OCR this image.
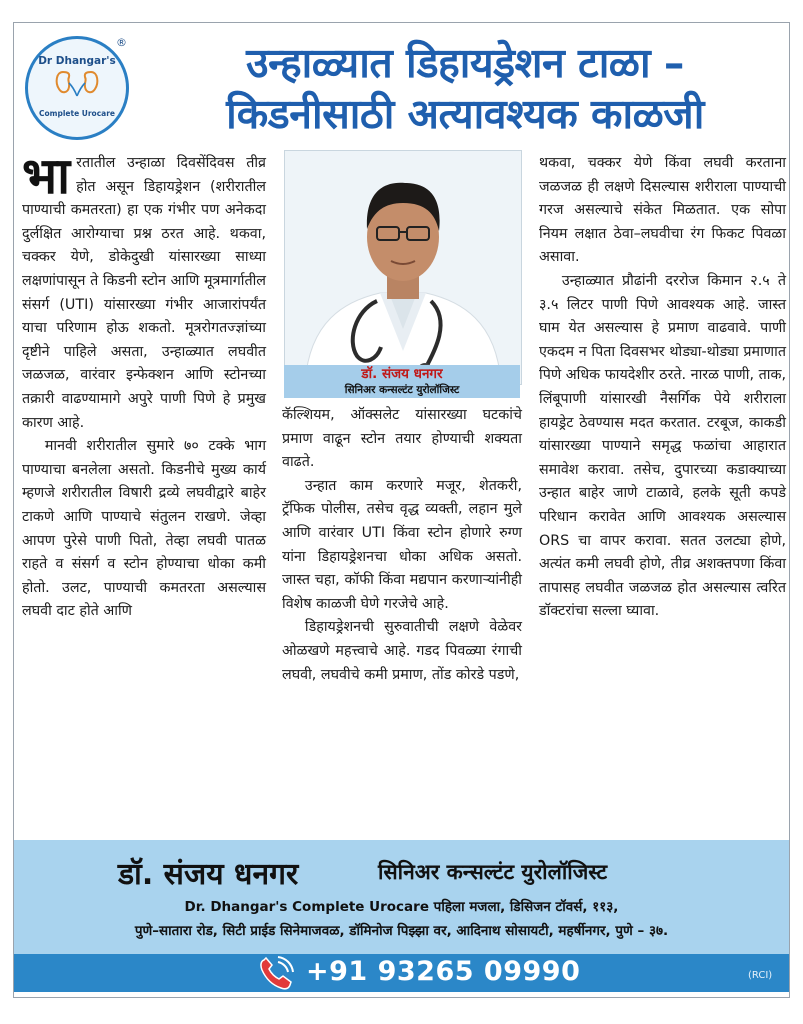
Dr Dhangar's
Complete Urocare
®	उन्हाळ्यात डिहायड्रेशन टाळा –
किडनीसाठी अत्यावश्यक काळजी

भारतातील उन्हाळा दिवसेंदिवस तीव्र होत असून डिहायड्रेशन (शरीरातील पाण्याची कमतरता) हा एक गंभीर पण अनेकदा दुर्लक्षित आरोग्याचा प्रश्न ठरत आहे. थकवा, चक्कर येणे, डोकेदुखी यांसारख्या साध्या लक्षणांपासून ते किडनी स्टोन आणि मूत्रमार्गातील संसर्ग (UTI) यांसारख्या गंभीर आजारांपर्यंत याचा परिणाम होऊ शकतो. मूत्ररोगतज्ज्ञांच्या दृष्टीने पाहिले असता, उन्हाळ्यात लघवीत जळजळ, वारंवार इन्फेक्शन आणि स्टोनच्या तक्रारी वाढण्यामागे अपुरे पाणी पिणे हे प्रमुख कारण आहे.

मानवी शरीरातील सुमारे ७० टक्के भाग पाण्याचा बनलेला असतो. किडनीचे मुख्य कार्य म्हणजे शरीरातील विषारी द्रव्ये लघवीद्वारे बाहेर टाकणे आणि पाण्याचे संतुलन राखणे. जेव्हा आपण पुरेसे पाणी पितो, तेव्हा लघवी पातळ राहते व संसर्ग व स्टोन होण्याचा धोका कमी होतो. उलट, पाण्याची कमतरता असल्यास लघवी दाट होते आणि

डॉ. संजय धनगर
सिनिअर कन्सल्टंट युरोलॉजिस्ट

कॅल्शियम, ऑक्सलेट यांसारख्या घटकांचे प्रमाण वाढून स्टोन तयार होण्याची शक्यता वाढते.

उन्हात काम करणारे मजूर, शेतकरी, ट्रॅफिक पोलीस, तसेच वृद्ध व्यक्ती, लहान मुले आणि वारंवार UTI किंवा स्टोन होणारे रुग्ण यांना डिहायड्रेशनचा धोका अधिक असतो. जास्त चहा, कॉफी किंवा मद्यपान करणाऱ्यांनीही विशेष काळजी घेणे गरजेचे आहे.

डिहायड्रेशनची सुरुवातीची लक्षणे वेळेवर ओळखणे महत्त्वाचे आहे. गडद पिवळ्या रंगाची लघवी, लघवीचे कमी प्रमाण, तोंड कोरडे पडणे,

थकवा, चक्कर येणे किंवा लघवी करताना जळजळ ही लक्षणे दिसल्यास शरीराला पाण्याची गरज असल्याचे संकेत मिळतात. एक सोपा नियम लक्षात ठेवा–लघवीचा रंग फिकट पिवळा असावा.

उन्हाळ्यात प्रौढांनी दररोज किमान २.५ ते ३.५ लिटर पाणी पिणे आवश्यक आहे. जास्त घाम येत असल्यास हे प्रमाण वाढवावे. पाणी एकदम न पिता दिवसभर थोड्या-थोड्या प्रमाणात पिणे अधिक फायदेशीर ठरते. नारळ पाणी, ताक, लिंबूपाणी यांसारखी नैसर्गिक पेये शरीराला हायड्रेट ठेवण्यास मदत करतात. टरबूज, काकडी यांसारख्या पाण्याने समृद्ध फळांचा आहारात समावेश करावा. तसेच, दुपारच्या कडाक्याच्या उन्हात बाहेर जाणे टाळावे, हलके सूती कपडे परिधान करावेत आणि आवश्यक असल्यास ORS चा वापर करावा. सतत उलट्या होणे, अत्यंत कमी लघवी होणे, तीव्र अशक्तपणा किंवा तापासह लघवीत जळजळ होत असल्यास त्वरित डॉक्टरांचा सल्ला घ्यावा.

डॉ. संजय धनगर	सिनिअर कन्सल्टंट युरोलॉजिस्ट
Dr. Dhangar's Complete Urocare पहिला मजला, डिसिजन टॉवर्स, ११३,
पुणे–सातारा रोड, सिटी प्राईड सिनेमाजवळ, डॉमिनोज पिझ्झा वर, आदिनाथ सोसायटी, महर्षीनगर, पुणे – ३७.
+91 93265 09990	(RCI)
